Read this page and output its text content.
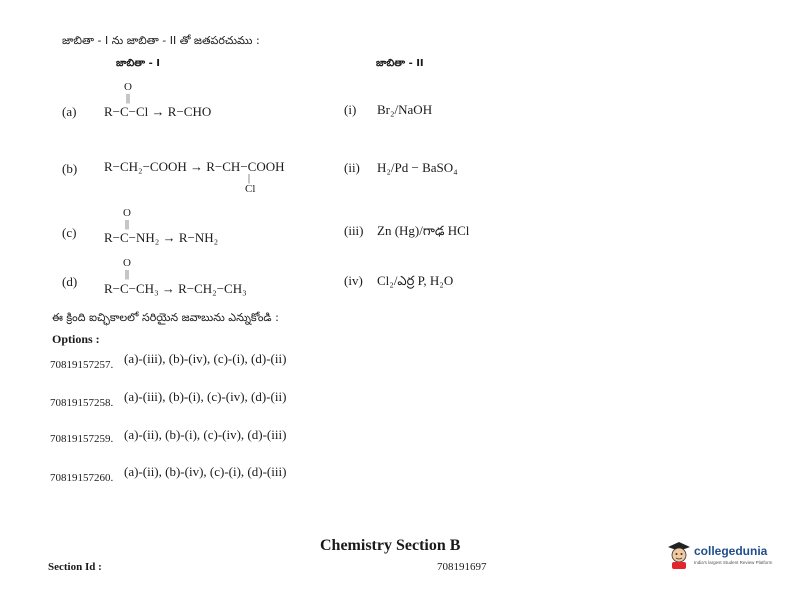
జాబితా - I ను జాబితా - II తో జతపరచుము :
జాబితా - I	జాబితా - II
(a)
O
||
R−C−Cl → R−CHO
(b) R−CH₂−COOH → R−CH−COOH
|
Cl
(c)
O
||
R−C−NH₂ → R−NH₂
(d)
O
||
R−C−CH₃ → R−CH₂−CH₃
(i) Br₂/NaOH
(ii) H₂/Pd − BaSO₄
(iii) Zn (Hg)/గాఢ HCl
(iv) Cl₂/ఎర్ర P, H₂O
ఈ క్రింది ఐచ్ఛికాలలో సరియైన జవాబును ఎన్నుకోండి :
Options :
70819157257. (a)-(iii), (b)-(iv), (c)-(i), (d)-(ii)
70819157258. (a)-(iii), (b)-(i), (c)-(iv), (d)-(ii)
70819157259. (a)-(ii), (b)-(i), (c)-(iv), (d)-(iii)
70819157260. (a)-(ii), (b)-(iv), (c)-(i), (d)-(iii)
Chemistry Section B
Section Id :	708191697
collegedunia
India's largest Student Review Platform
